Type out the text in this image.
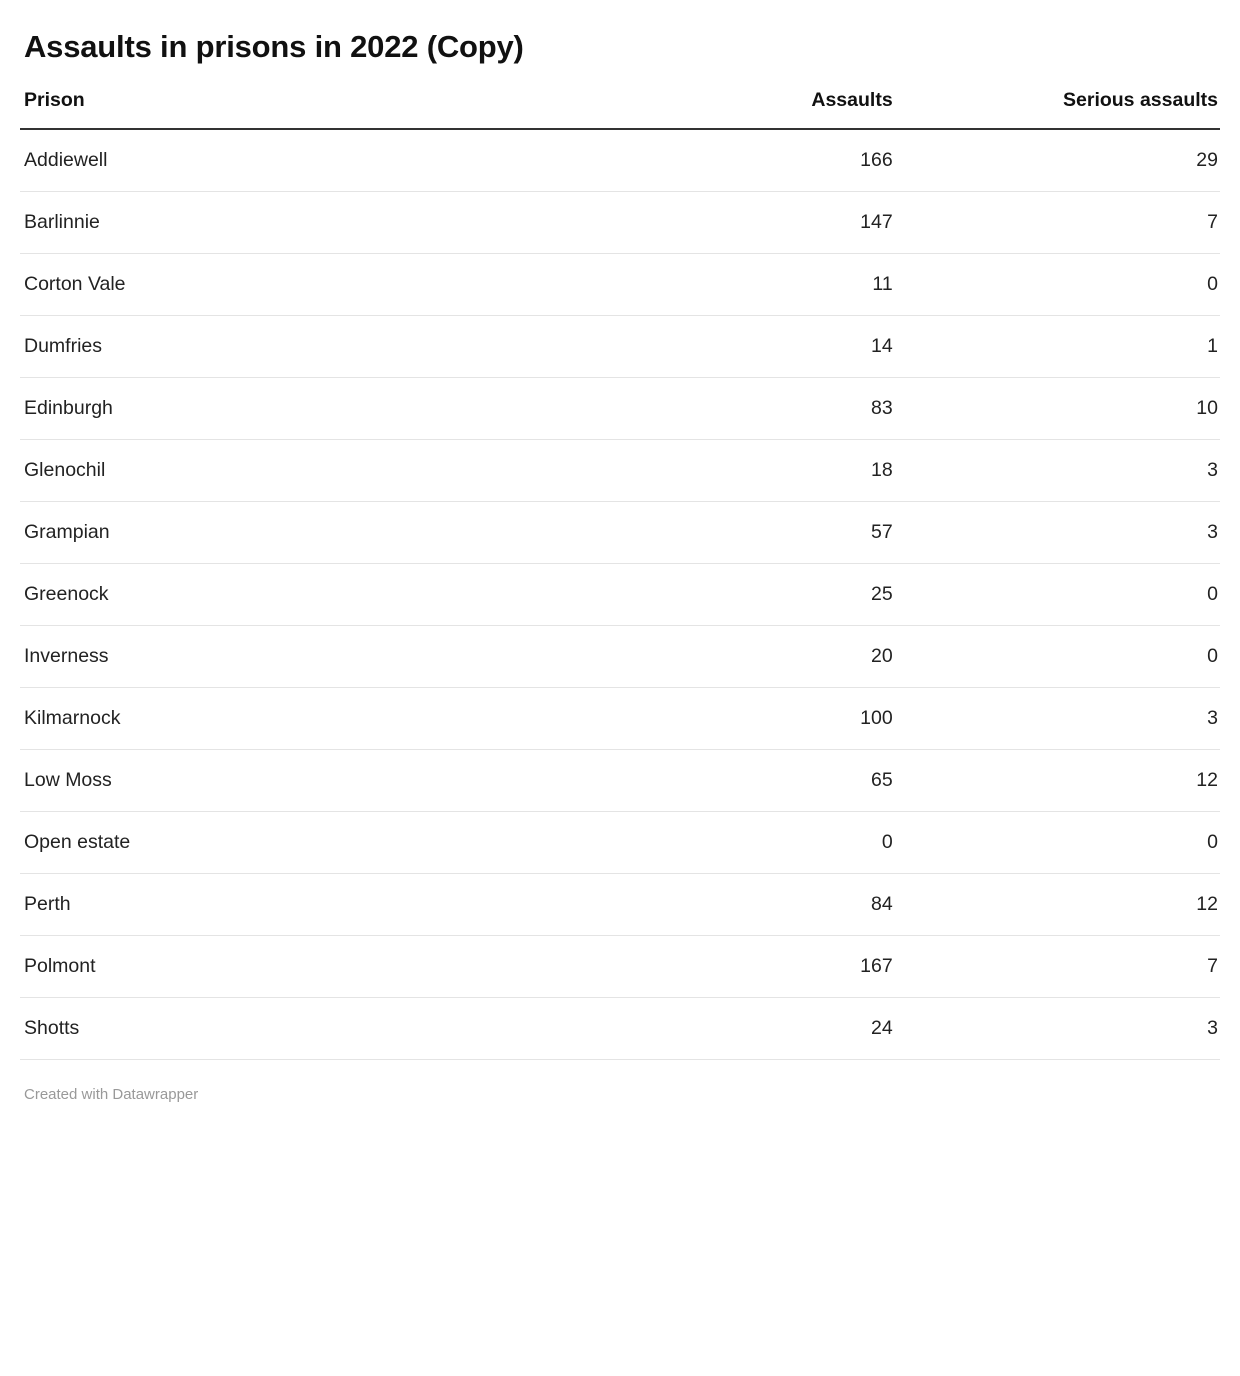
Assaults in prisons in 2022 (Copy)
Prison	Assaults	Serious assaults
Addiewell	166	29
Barlinnie	147	7
Corton Vale	11	0
Dumfries	14	1
Edinburgh	83	10
Glenochil	18	3
Grampian	57	3
Greenock	25	0
Inverness	20	0
Kilmarnock	100	3
Low Moss	65	12
Open estate	0	0
Perth	84	12
Polmont	167	7
Shotts	24	3
Created with Datawrapper
